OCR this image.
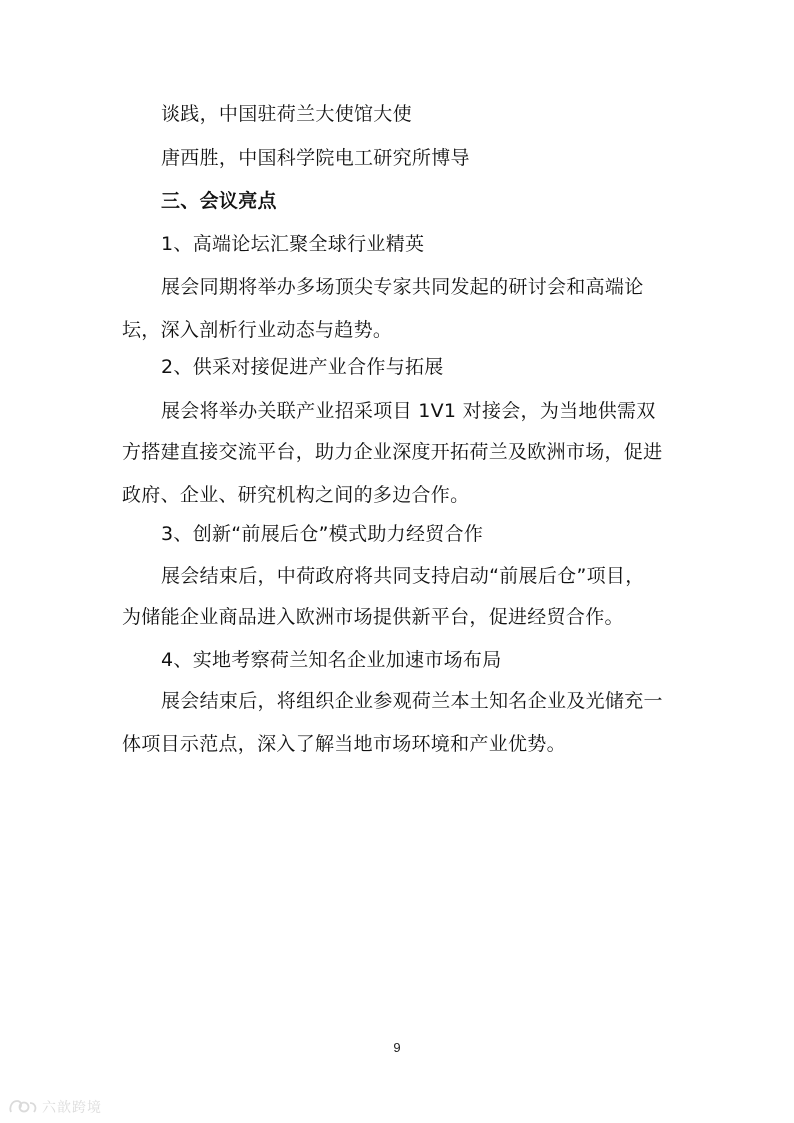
谈践，中国驻荷兰大使馆大使
唐西胜，中国科学院电工研究所博导
三、会议亮点
1、高端论坛汇聚全球行业精英
展会同期将举办多场顶尖专家共同发起的研讨会和高端论
坛，深入剖析行业动态与趋势。
2、供采对接促进产业合作与拓展
展会将举办关联产业招采项目 1V1 对接会，为当地供需双
方搭建直接交流平台，助力企业深度开拓荷兰及欧洲市场，促进
政府、企业、研究机构之间的多边合作。
3、创新“前展后仓”模式助力经贸合作
展会结束后，中荷政府将共同支持启动“前展后仓”项目，
为储能企业商品进入欧洲市场提供新平台，促进经贸合作。
4、实地考察荷兰知名企业加速市场布局
展会结束后，将组织企业参观荷兰本土知名企业及光储充一
体项目示范点，深入了解当地市场环境和产业优势。
9
六歆跨境
